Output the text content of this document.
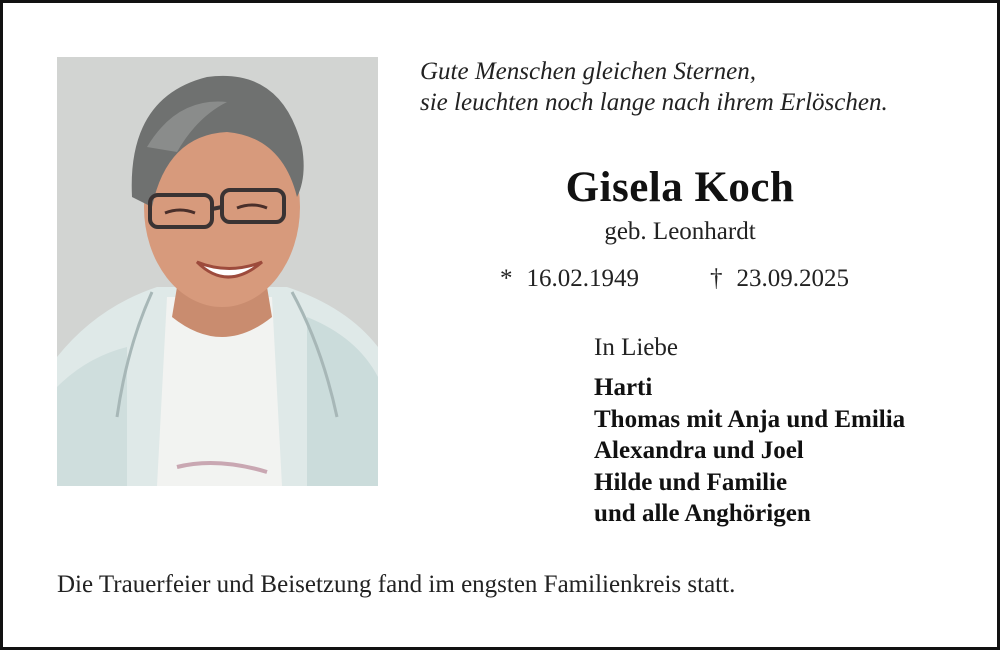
Gute Menschen gleichen Sternen,
sie leuchten noch lange nach ihrem Erlöschen.
Gisela Koch
geb. Leonhardt
* 16.02.1949	† 23.09.2025
In Liebe
Harti
Thomas mit Anja und Emilia
Alexandra und Joel
Hilde und Familie
und alle Anghörigen
Die Trauerfeier und Beisetzung fand im engsten Familienkreis statt.
